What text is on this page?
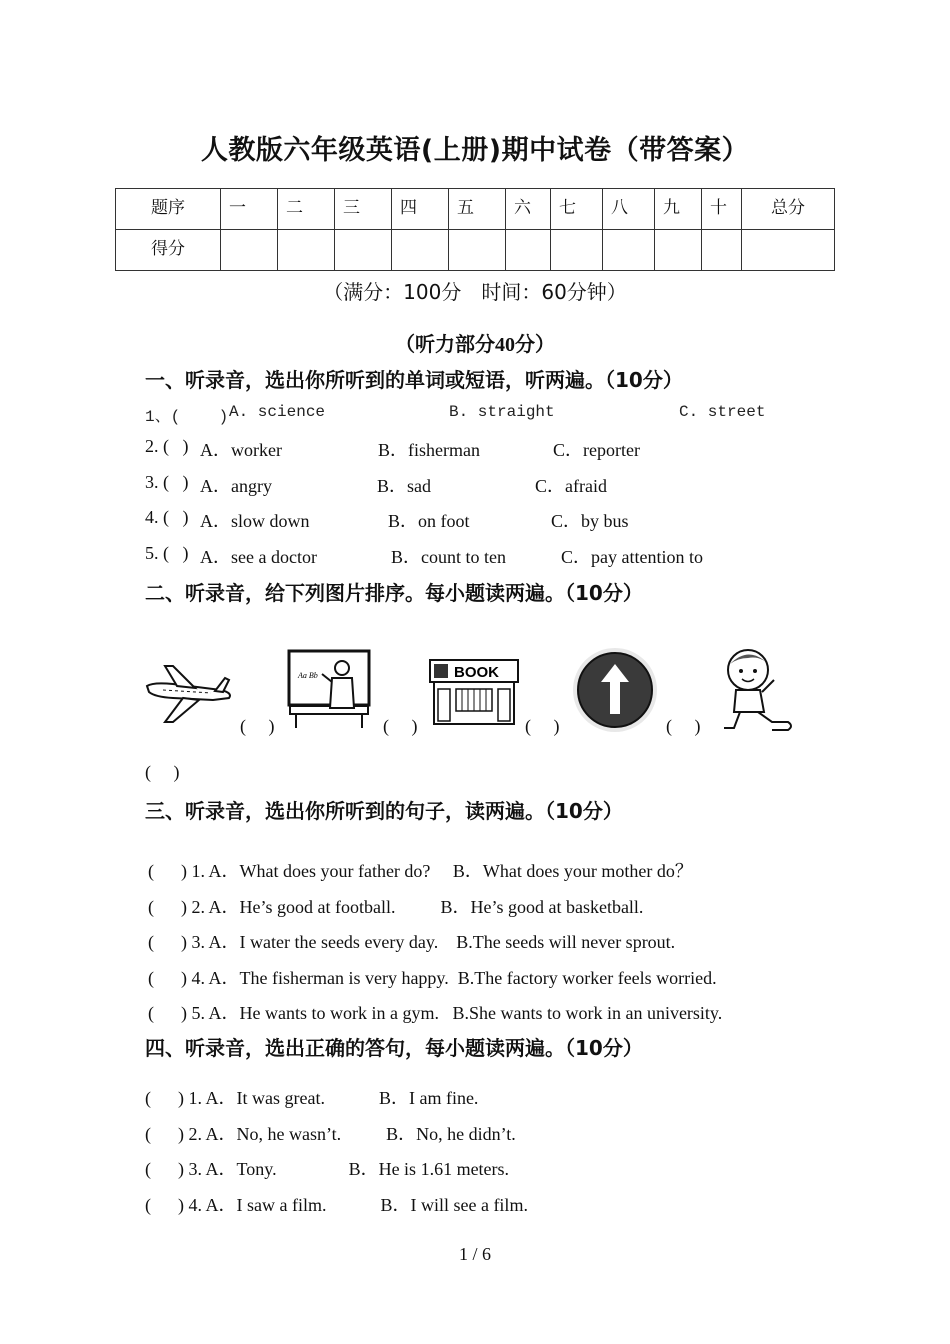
人教版六年级英语(上册)期中试卷（带答案）
题序	一	二	三	四	五	六	七	八	九	十	总分
得分											
（满分：100分　时间：60分钟）
（听力部分40分）
一、听录音，选出你所听到的单词或短语，听两遍。（10分）
1、(    ) A. science	B. straight	C. street
2. (   ) A．worker	B．fisherman	C．reporter
3. (   ) A．angry	B．sad	C．afraid
4. (   ) A．slow down	B．on foot	C．by bus
5. (   ) A．see a doctor	B．count to ten	C．pay attention to
二、听录音，给下列图片排序。每小题读两遍。（10分）
(     )
Aa Bb
(     )
BOOK
(     )	(     )
(     )
三、听录音，选出你所听到的句子，读两遍。（10分）
(      ) 1. A．What does your father do?     B．What does your mother do？
(      ) 2. A．He’s good at football.          B．He’s good at basketball.
(      ) 3. A．I water the seeds every day.    B.The seeds will never sprout.
(      ) 4. A．The fisherman is very happy.  B.The factory worker feels worried.
(      ) 5. A．He wants to work in a gym.   B.She wants to work in an university.
四、听录音，选出正确的答句，每小题读两遍。（10分）
(      ) 1. A．It was great.            B．I am fine.
(      ) 2. A．No, he wasn’t.          B．No, he didn’t.
(      ) 3. A．Tony.                B．He is 1.61 meters.
(      ) 4. A．I saw a film.            B．I will see a film.
1 / 6
